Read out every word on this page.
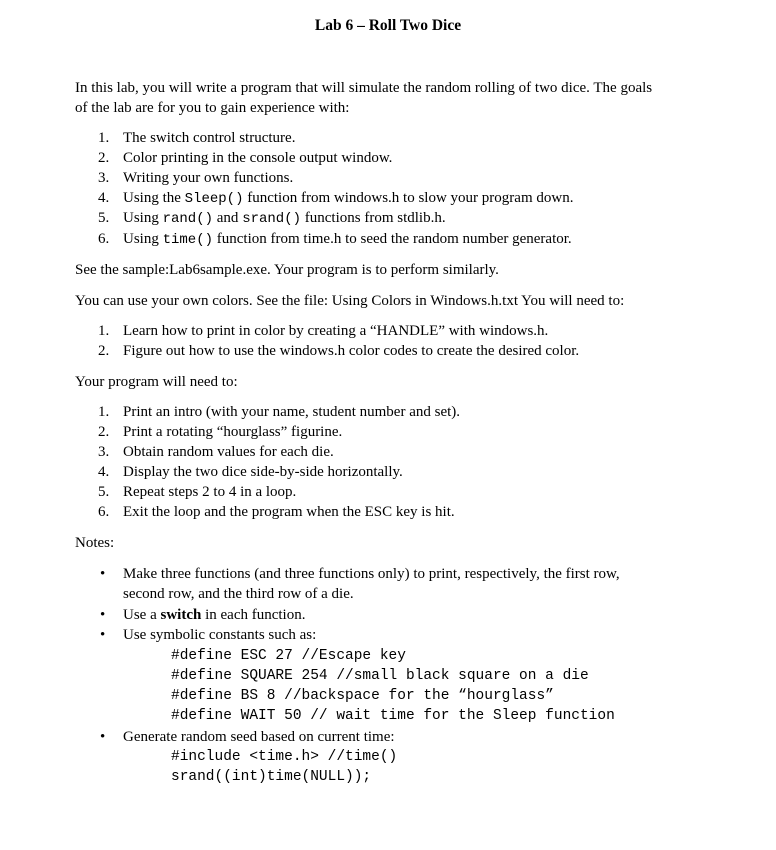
Lab 6 – Roll Two Dice
In this lab, you will write a program that will simulate the random rolling of two dice. The goals
of the lab are for you to gain experience with:
1. The switch control structure.
2. Color printing in the console output window.
3. Writing your own functions.
4. Using the Sleep() function from windows.h to slow your program down.
5. Using rand() and srand() functions from stdlib.h.
6. Using time() function from time.h to seed the random number generator.
See the sample:Lab6sample.exe. Your program is to perform similarly.
You can use your own colors. See the file: Using Colors in Windows.h.txt You will need to:
1. Learn how to print in color by creating a “HANDLE” with windows.h.
2. Figure out how to use the windows.h color codes to create the desired color.
Your program will need to:
1. Print an intro (with your name, student number and set).
2. Print a rotating “hourglass” figurine.
3. Obtain random values for each die.
4. Display the two dice side-by-side horizontally.
5. Repeat steps 2 to 4 in a loop.
6. Exit the loop and the program when the ESC key is hit.
Notes:
• Make three functions (and three functions only) to print, respectively, the first row,
second row, and the third row of a die.
• Use a switch in each function.
• Use symbolic constants such as:
#define ESC 27 //Escape key
#define SQUARE 254 //small black square on a die
#define BS 8 //backspace for the “hourglass”
#define WAIT 50 // wait time for the Sleep function
• Generate random seed based on current time:
#include <time.h> //time()
srand((int)time(NULL));
